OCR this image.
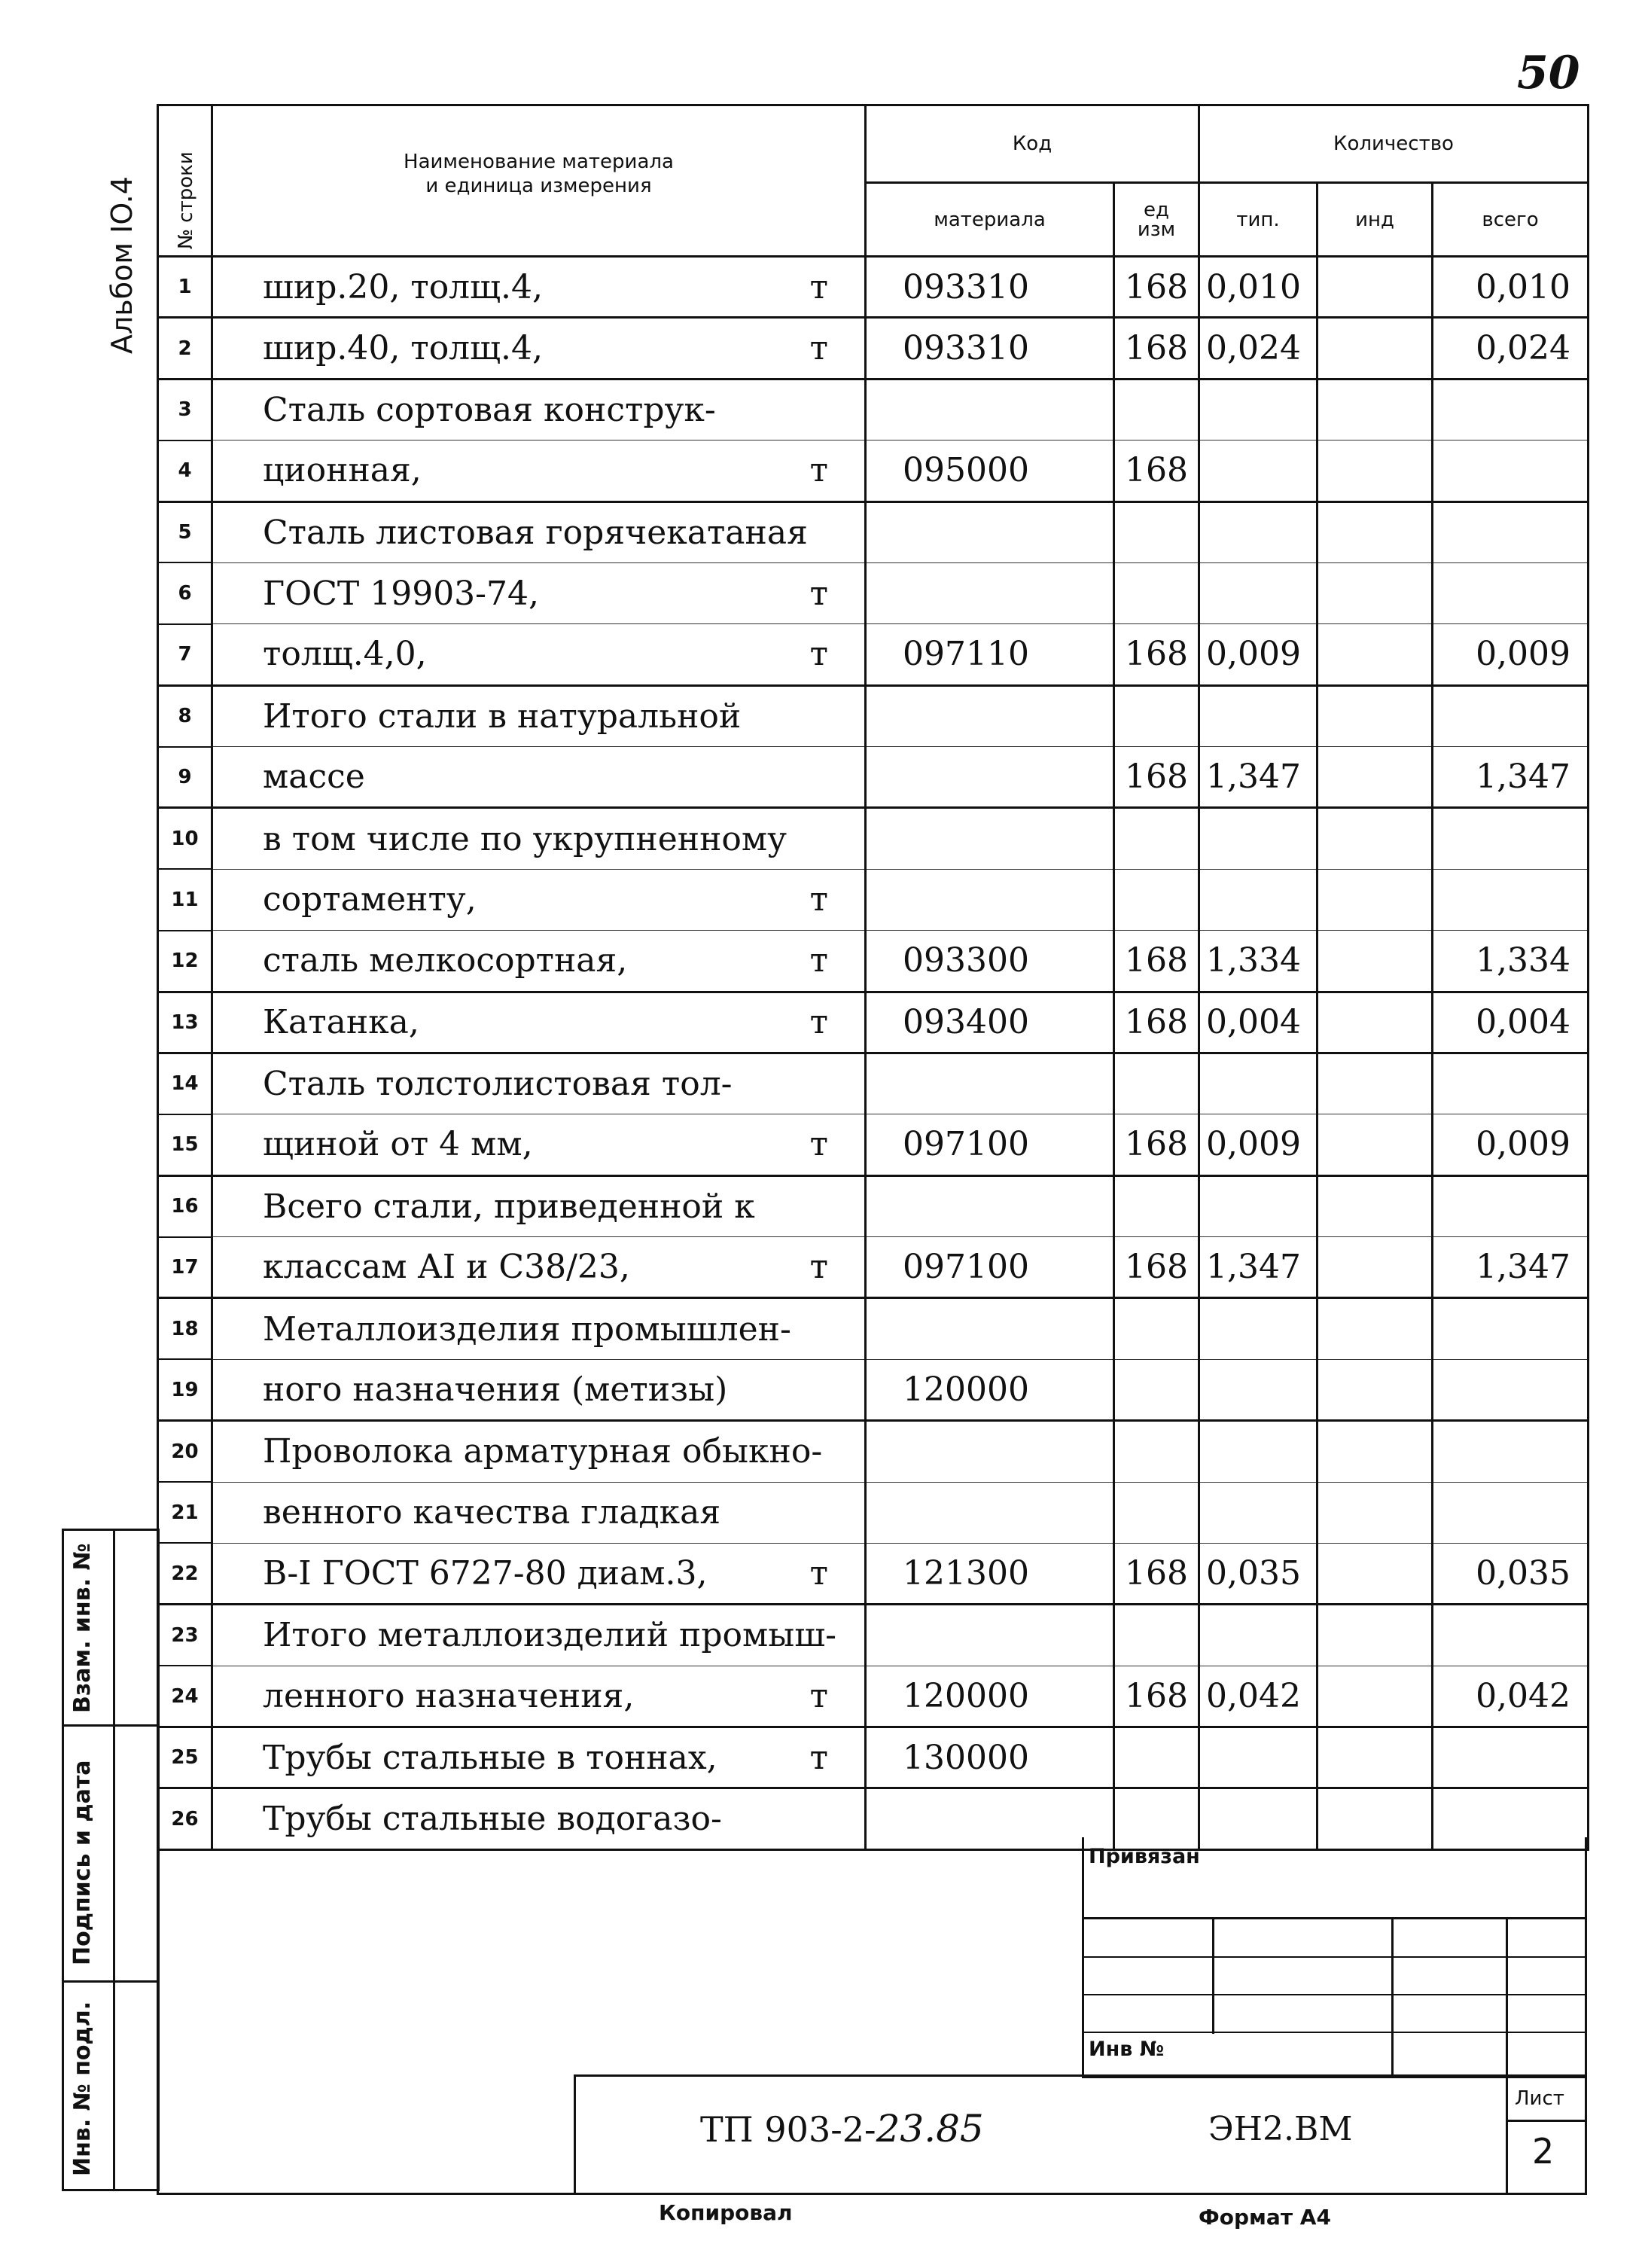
50
Альбом IO.4
Взам. инв. №
Подпись и дата
Инв. № подл.
№ строки	Наименование материала
и единица измерения	Код		Количество		
		материала	ед
изм	тип.	инд	всего
1	шир.20, толщ.4, т	093310	168	0,010		0,010
2	шир.40, толщ.4, т	093310	168	0,024		0,024
3	Сталь сортовая конструк-					

4	ционная, т	095000	168			
5	Сталь листовая горячекатаная					

6	ГОСТ 19903-74, т					

7	толщ.4,0, т	097110	168	0,009		0,009
8	Итого стали в натуральной					

9	массе		168	1,347		1,347
10	в том числе по укрупненному					

11	сортаменту, т					

12	сталь мелкосортная, т	093300	168	1,334		1,334
13	Катанка, т	093400	168	0,004		0,004
14	Сталь толстолистовая тол-					

15	щиной от 4 мм, т	097100	168	0,009		0,009
16	Всего стали, приведенной к					

17	классам АI и С38/23, т	097100	168	1,347		1,347
18	Металлоизделия промышлен-					

19	ного назначения (метизы)	120000				
20	Проволока арматурная обыкно-					

21	венного качества гладкая					

22	В-I ГОСТ 6727-80 диам.3, т	121300	168	0,035		0,035
23	Итого металлоизделий промыш-					

24	ленного назначения, т	120000	168	0,042		0,042
25	Трубы стальные в тоннах, т	130000				
26	Трубы стальные водогазо-					

Привязан
Инв №
ТП 903-2-23.85	ЭН2.ВМ
Лист
2
Копировал	Формат А4
